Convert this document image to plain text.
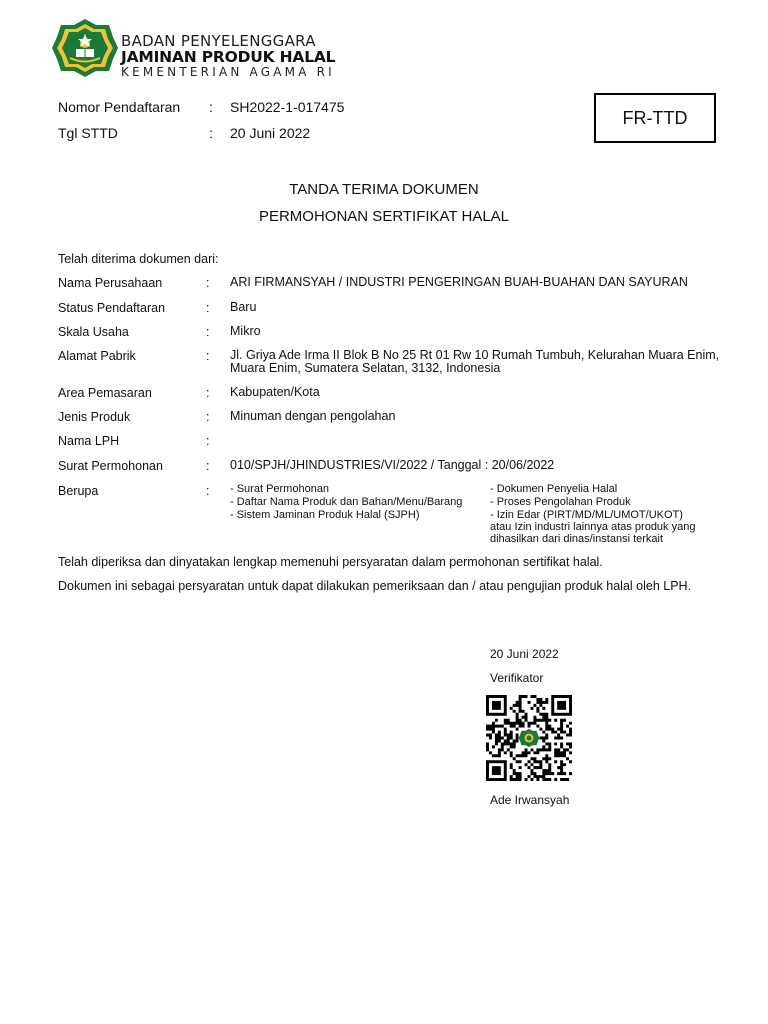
BADAN PENYELENGGARA
JAMINAN PRODUK HALAL
KEMENTERIAN AGAMA RI
Nomor Pendaftaran : SH2022-1-017475
Tgl STTD	: 20 Juni 2022
FR-TTD
TANDA TERIMA DOKUMEN
PERMOHONAN SERTIFIKAT HALAL
Telah diterima dokumen dari:
Nama Perusahaan	: ARI FIRMANSYAH / INDUSTRI PENGERINGAN BUAH-BUAHAN DAN SAYURAN
Status Pendaftaran	: Baru
Skala Usaha	: Mikro
Alamat Pabrik	: Jl. Griya Ade Irma II Blok B No 25 Rt 01 Rw 10 Rumah Tumbuh, Kelurahan Muara Enim, Muara Enim, Sumatera Selatan, 3132, Indonesia
Area Pemasaran	: Kabupaten/Kota
Jenis Produk	: Minuman dengan pengolahan
Nama LPH	:
Surat Permohonan	: 010/SPJH/JHINDUSTRIES/VI/2022 / Tanggal : 20/06/2022
Berupa	: - Surat Permohonan
- Daftar Nama Produk dan Bahan/Menu/Barang
- Sistem Jaminan Produk Halal (SJPH)
- Dokumen Penyelia Halal
- Proses Pengolahan Produk
- Izin Edar (PIRT/MD/ML/UMOT/UKOT)
atau Izin industri lainnya atas produk yang
dihasilkan dari dinas/instansi terkait
Telah diperiksa dan dinyatakan lengkap memenuhi persyaratan dalam permohonan sertifikat halal.
Dokumen ini sebagai persyaratan untuk dapat dilakukan pemeriksaan dan / atau pengujian produk halal oleh LPH.
20 Juni 2022
Verifikator
Ade Irwansyah
